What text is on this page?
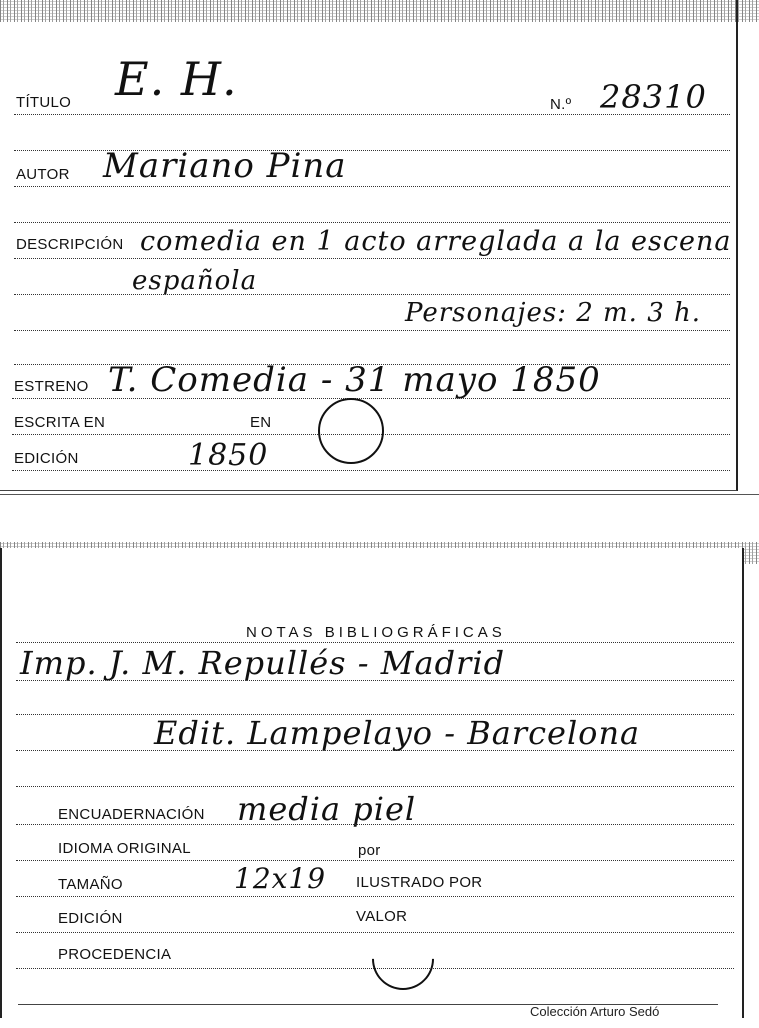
TÍTULO E. H.	N.º 28310
AUTOR Mariano Pina
DESCRIPCIÓN comedia en 1 acto arreglada a la escena
española
Personajes: 2 m. 3 h.
ESTRENO T. Comedia - 31 mayo 1850
ESCRITA EN	EN
EDICIÓN	1850
NOTAS BIBLIOGRÁFICAS
Imp. J. M. Repullés - Madrid
Edit. Lampelayo - Barcelona
ENCUADERNACIÓN media piel
IDIOMA ORIGINAL	por
TAMAÑO	12x19 ILUSTRADO POR
EDICIÓN	VALOR
PROCEDENCIA
Colección Arturo Sedó
